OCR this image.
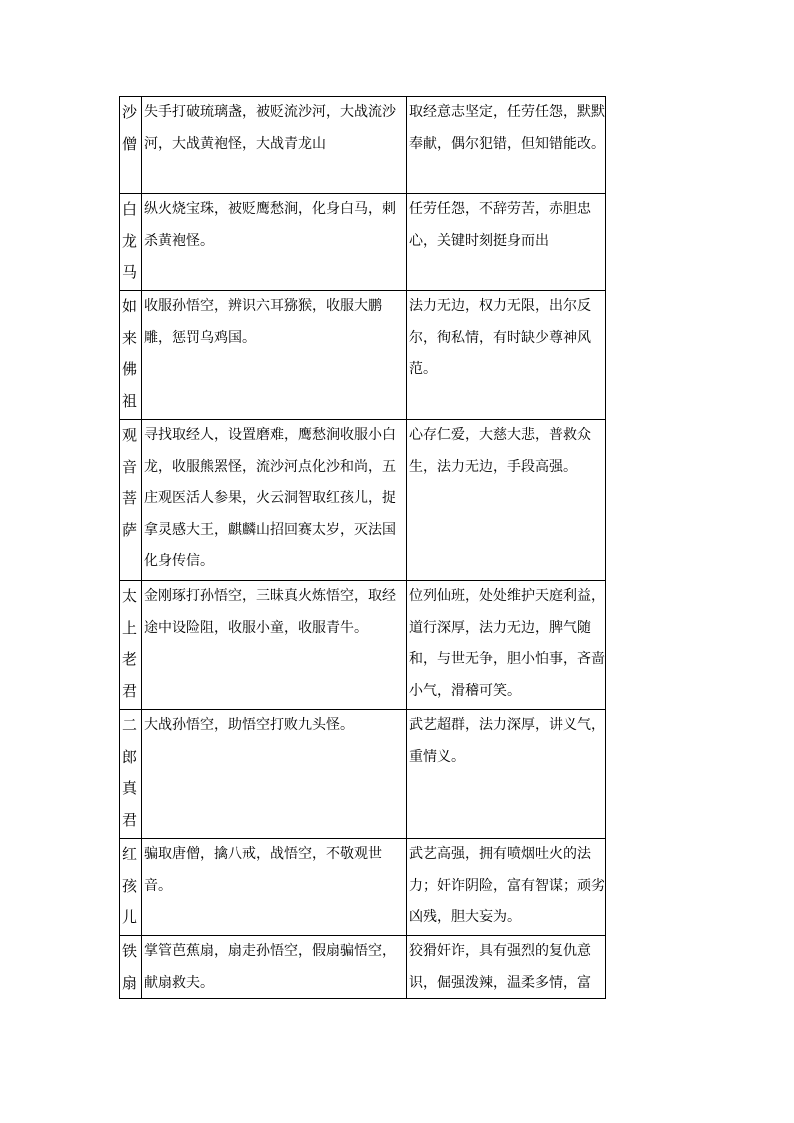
沙僧	失手打破琉璃盏，被贬流沙河，大战流沙河，大战黄袍怪，大战青龙山	取经意志坚定，任劳任怨，默默奉献，偶尔犯错，但知错能改。

白龙马	纵火烧宝珠，被贬鹰愁涧，化身白马，刺杀黄袍怪。	任劳任怨，不辞劳苦，赤胆忠心，关键时刻挺身而出

如来佛祖	收服孙悟空，辨识六耳猕猴，收服大鹏雕，惩罚乌鸡国。	法力无边，权力无限，出尔反尔，徇私情，有时缺少尊神风范。

观音菩萨	寻找取经人，设置磨难，鹰愁涧收服小白龙，收服熊罴怪，流沙河点化沙和尚，五庄观医活人参果，火云洞智取红孩儿，捉拿灵感大王，麒麟山招回赛太岁，灭法国化身传信。	心存仁爱，大慈大悲，普救众生，法力无边，手段高强。

太上老君	金刚琢打孙悟空，三昧真火炼悟空，取经途中设险阻，收服小童，收服青牛。	位列仙班，处处维护天庭利益，道行深厚，法力无边，脾气随和，与世无争，胆小怕事，吝啬小气，滑稽可笑。

二郎真君	大战孙悟空，助悟空打败九头怪。	武艺超群，法力深厚，讲义气，重情义。

红孩儿	骗取唐僧，擒八戒，战悟空，不敬观世音。	武艺高强，拥有喷烟吐火的法力；奸诈阴险，富有智谋；顽劣凶残，胆大妄为。

铁扇	掌管芭蕉扇，扇走孙悟空，假扇骗悟空，献扇救夫。	狡猾奸诈，具有强烈的复仇意识，倔强泼辣，温柔多情，富
